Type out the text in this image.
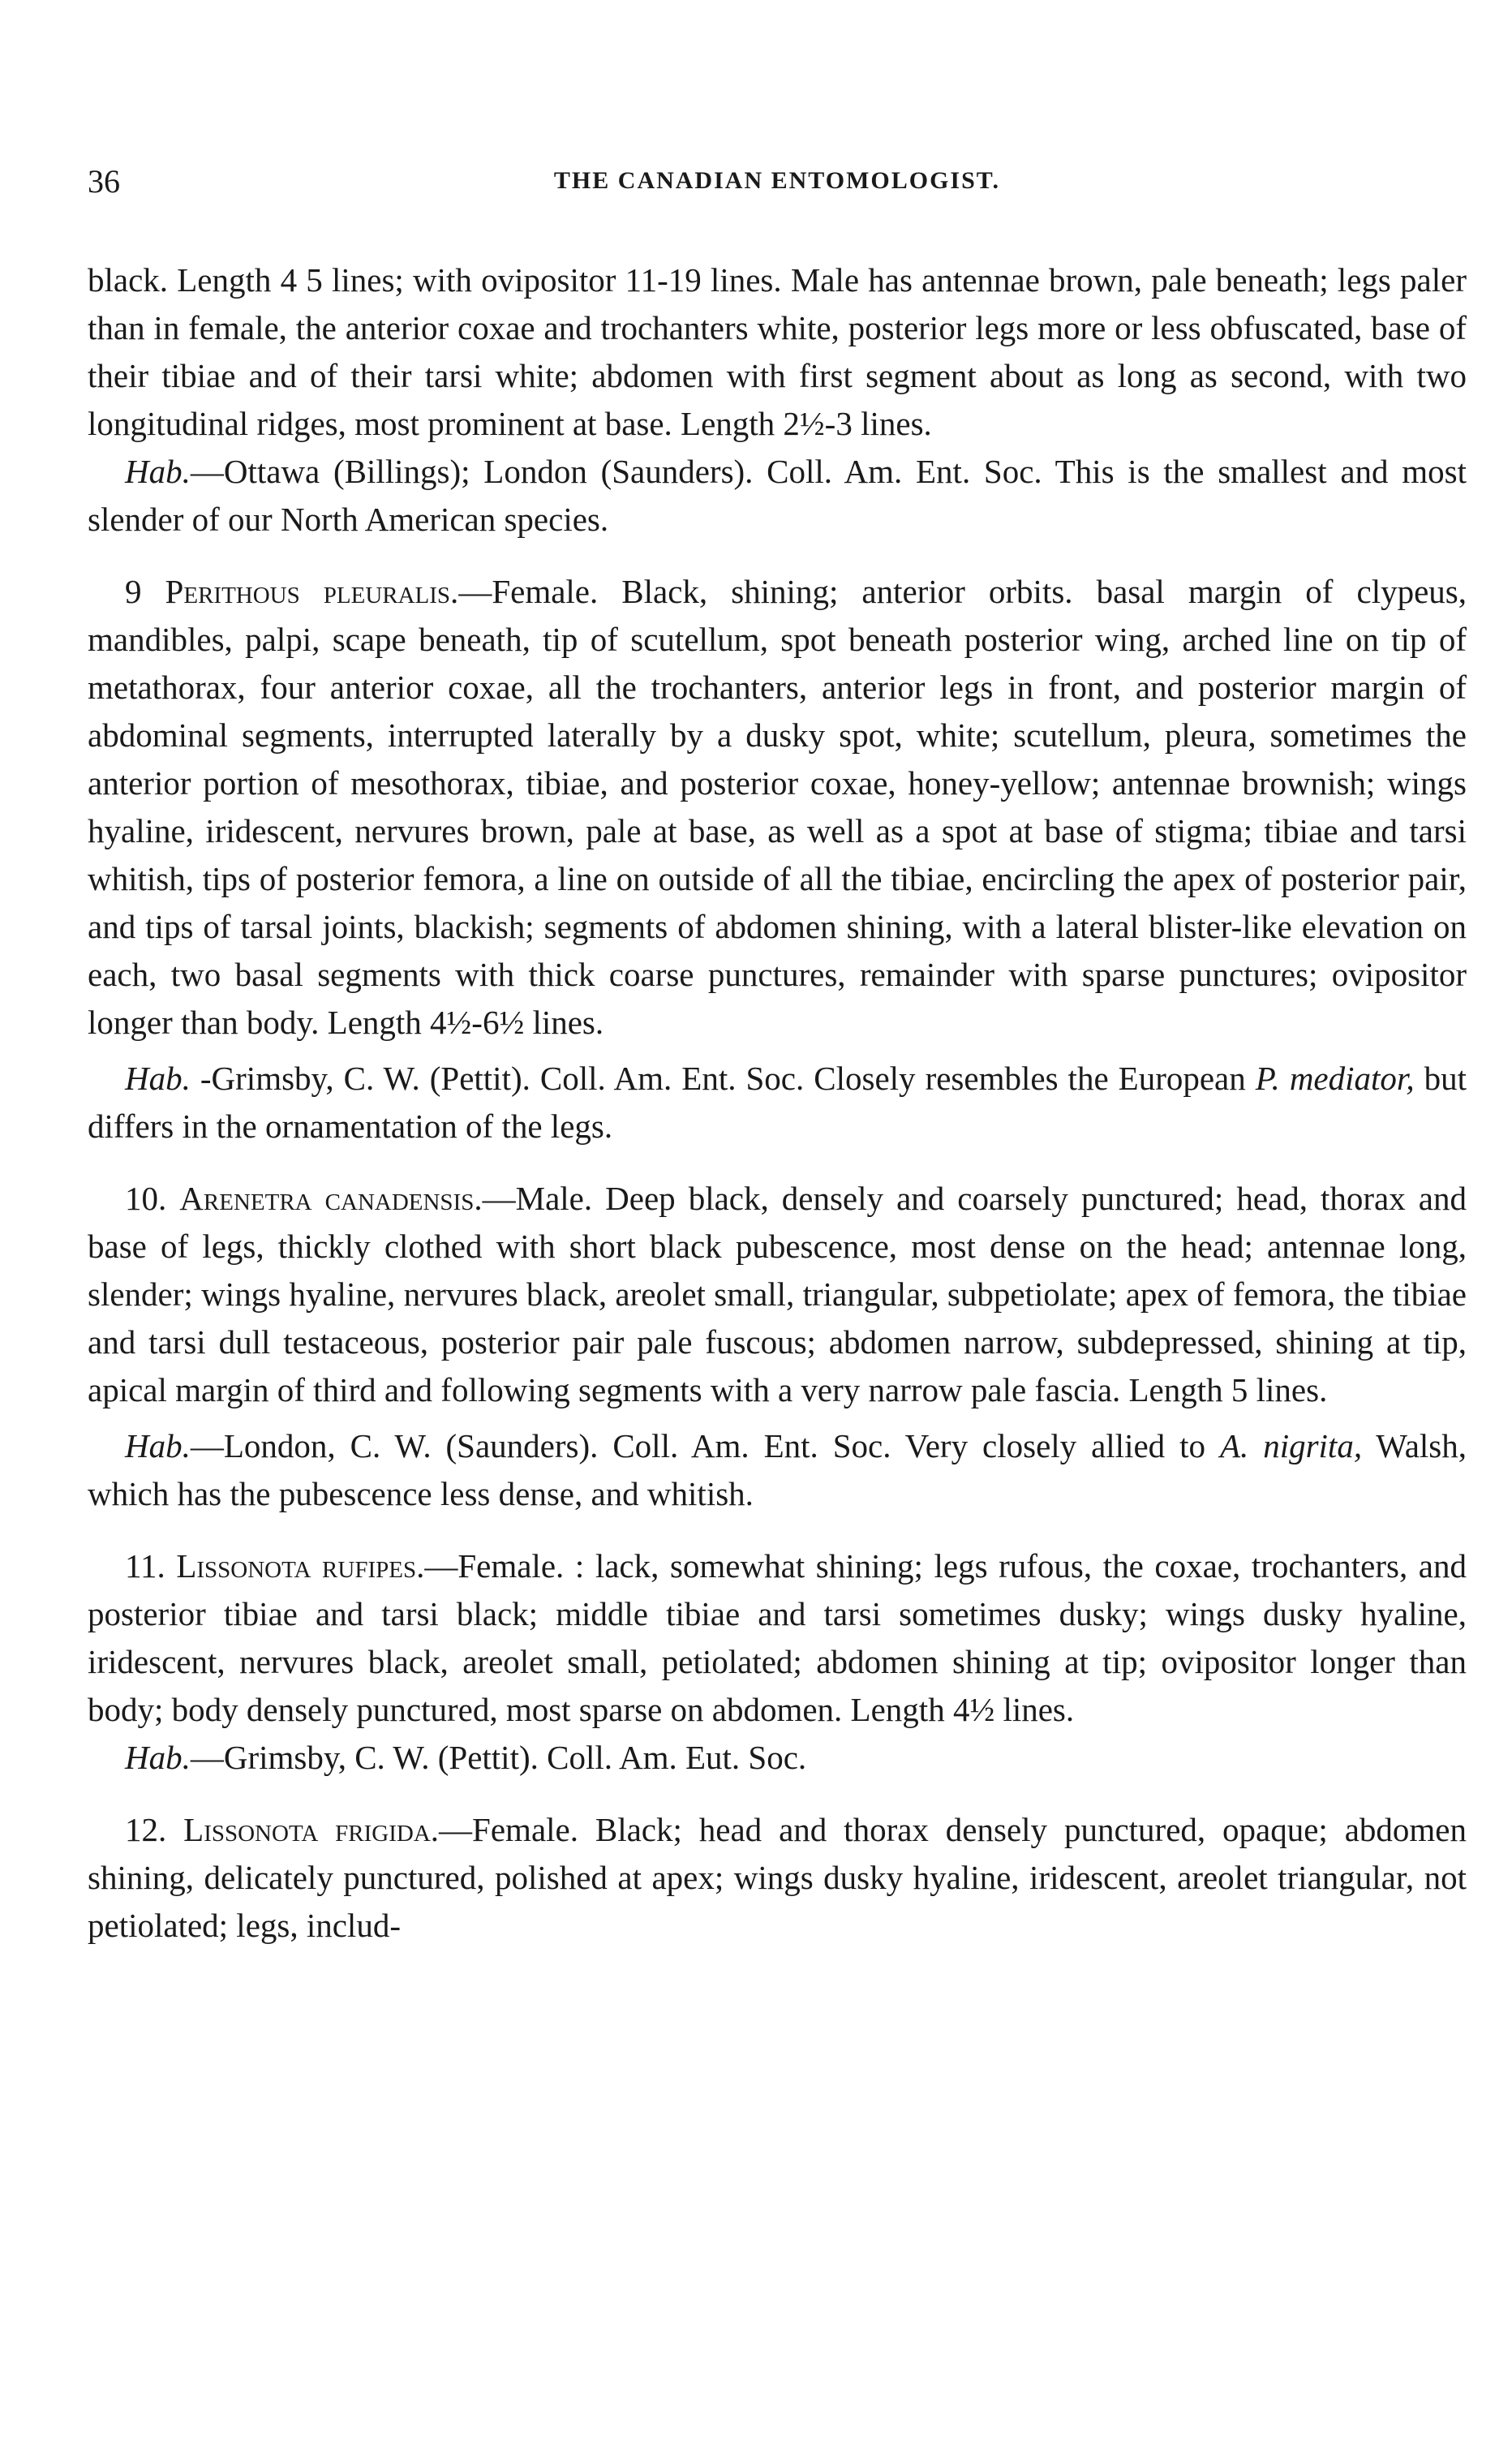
36	THE CANADIAN ENTOMOLOGIST.

black. Length 4 5 lines; with ovipositor 11-19 lines. Male has antennae brown, pale beneath; legs paler than in female, the anterior coxae and trochanters white, posterior legs more or less obfuscated, base of their tibiae and of their tarsi white; abdomen with first segment about as long as second, with two longitudinal ridges, most prominent at base. Length 2½-3 lines.

Hab.—Ottawa (Billings); London (Saunders). Coll. Am. Ent. Soc. This is the smallest and most slender of our North American species.

9 Perithous pleuralis.—Female. Black, shining; anterior orbits. basal margin of clypeus, mandibles, palpi, scape beneath, tip of scutellum, spot beneath posterior wing, arched line on tip of metathorax, four anterior coxae, all the trochanters, anterior legs in front, and posterior margin of abdominal segments, interrupted laterally by a dusky spot, white; scutellum, pleura, sometimes the anterior portion of mesothorax, tibiae, and posterior coxae, honey-yellow; antennae brownish; wings hyaline, iridescent, nervures brown, pale at base, as well as a spot at base of stigma; tibiae and tarsi whitish, tips of posterior femora, a line on outside of all the tibiae, encircling the apex of posterior pair, and tips of tarsal joints, blackish; segments of abdomen shining, with a lateral blister-like elevation on each, two basal segments with thick coarse punctures, remainder with sparse punctures; ovipositor longer than body. Length 4½-6½ lines.

Hab. -Grimsby, C. W. (Pettit). Coll. Am. Ent. Soc. Closely resembles the European P. mediator, but differs in the ornamentation of the legs.

10. Arenetra canadensis.—Male. Deep black, densely and coarsely punctured; head, thorax and base of legs, thickly clothed with short black pubescence, most dense on the head; antennae long, slender; wings hyaline, nervures black, areolet small, triangular, subpetiolate; apex of femora, the tibiae and tarsi dull testaceous, posterior pair pale fuscous; abdomen narrow, subdepressed, shining at tip, apical margin of third and following segments with a very narrow pale fascia. Length 5 lines.

Hab.—London, C. W. (Saunders). Coll. Am. Ent. Soc. Very closely allied to A. nigrita, Walsh, which has the pubescence less dense, and whitish.

11. Lissonota rufipes.—Female. : lack, somewhat shining; legs rufous, the coxae, trochanters, and posterior tibiae and tarsi black; middle tibiae and tarsi sometimes dusky; wings dusky hyaline, iridescent, nervures black, areolet small, petiolated; abdomen shining at tip; ovipositor longer than body; body densely punctured, most sparse on abdomen. Length 4½ lines.

Hab.—Grimsby, C. W. (Pettit). Coll. Am. Eut. Soc.

12. Lissonota frigida.—Female. Black; head and thorax densely punctured, opaque; abdomen shining, delicately punctured, polished at apex; wings dusky hyaline, iridescent, areolet triangular, not petiolated; legs, includ-
